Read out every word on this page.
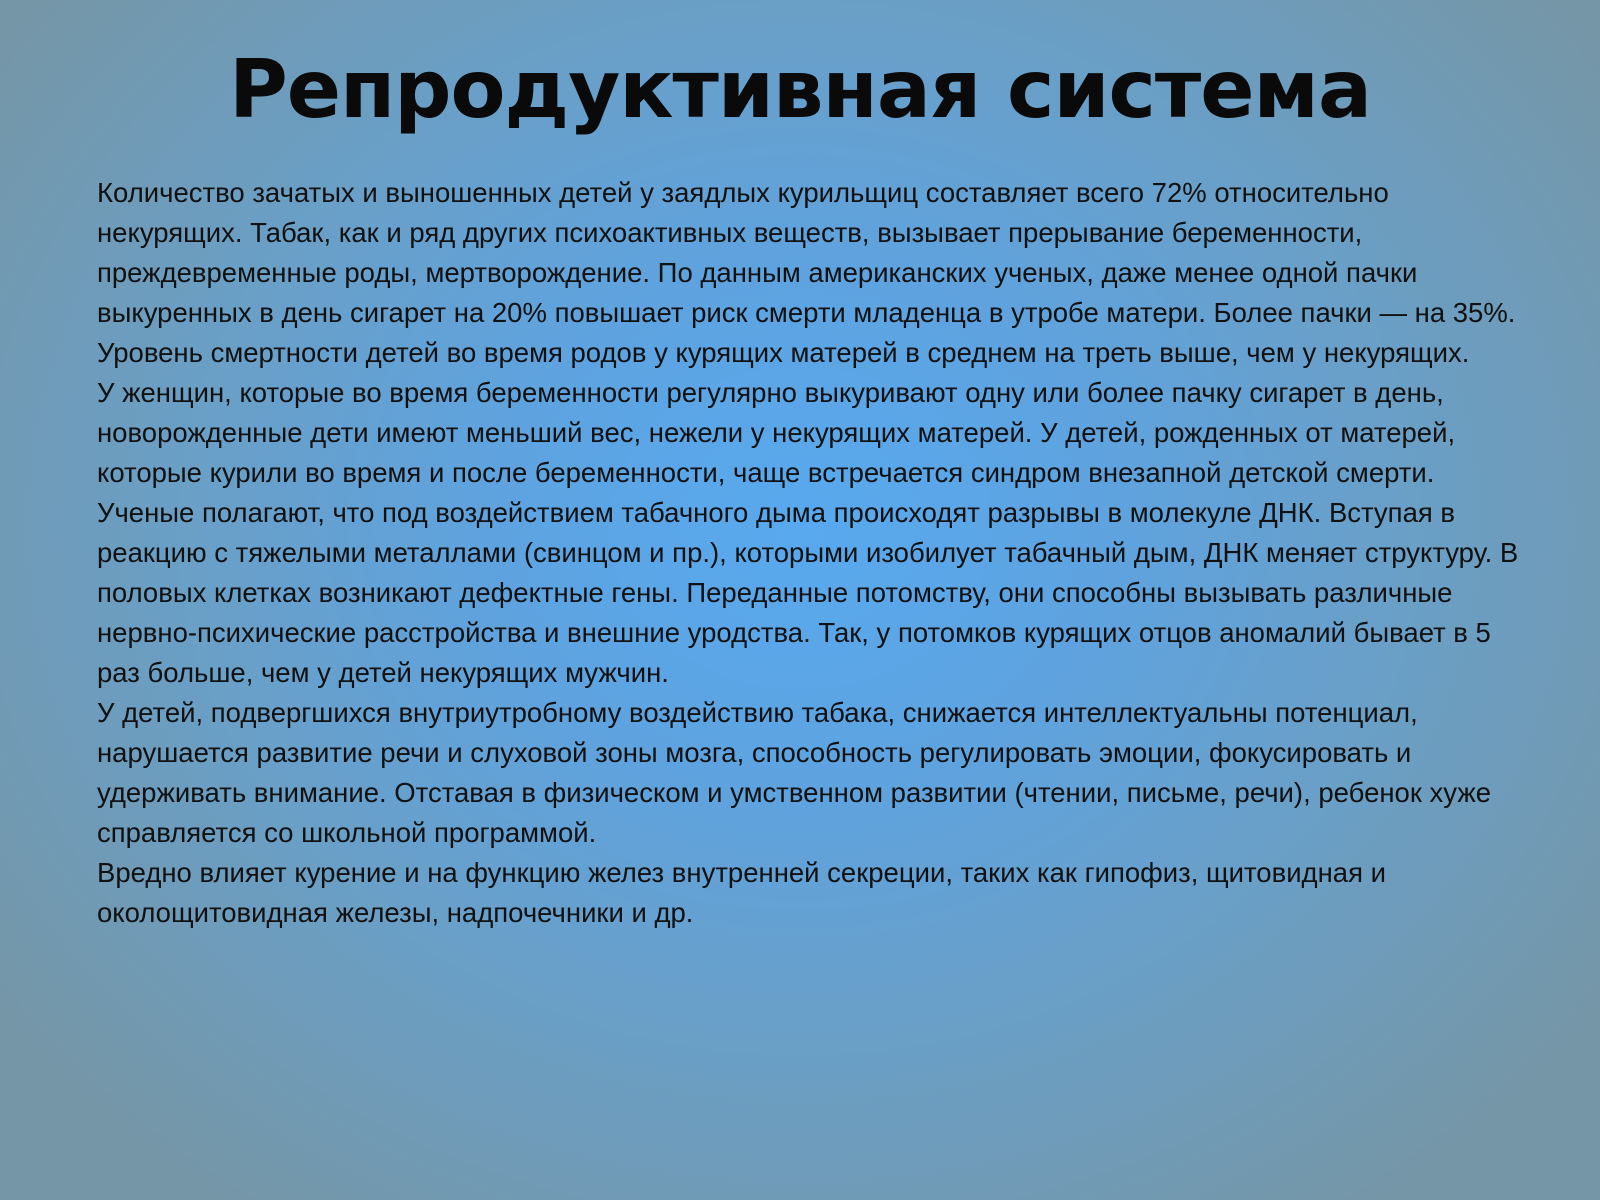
Репродуктивная система

Количество зачатых и выношенных детей у заядлых курильщиц составляет всего 72% относительно некурящих. Табак, как и ряд других психоактивных веществ, вызывает прерывание беременности, преждевременные роды, мертворождение. По данным американских ученых, даже менее одной пачки выкуренных в день сигарет на 20% повышает риск смерти младенца в утробе матери. Более пачки — на 35%. Уровень смертности детей во время родов у курящих матерей в среднем на треть выше, чем у некурящих.

У женщин, которые во время беременности регулярно выкуривают одну или более пачку сигарет в день, новорожденные дети имеют меньший вес, нежели у некурящих матерей. У детей, рожденных от матерей, которые курили во время и после беременности, чаще встречается синдром внезапной детской смерти.

Ученые полагают, что под воздействием табачного дыма происходят разрывы в молекуле ДНК. Вступая в реакцию с тяжелыми металлами (свинцом и пр.), которыми изобилует табачный дым, ДНК меняет структуру. В половых клетках возникают дефектные гены. Переданные потомству, они способны вызывать различные нервно-психические расстройства и внешние уродства. Так, у потомков курящих отцов аномалий бывает в 5 раз больше, чем у детей некурящих мужчин.

У детей, подвергшихся внутриутробному воздействию табака, снижается интеллектуальны потенциал, нарушается развитие речи и слуховой зоны мозга, способность регулировать эмоции, фокусировать и удерживать внимание. Отставая в физическом и умственном развитии (чтении, письме, речи), ребенок хуже справляется со школьной программой.

Вредно влияет курение и на функцию желез внутренней секреции, таких как гипофиз, щитовидная и околощитовидная железы, надпочечники и др.
